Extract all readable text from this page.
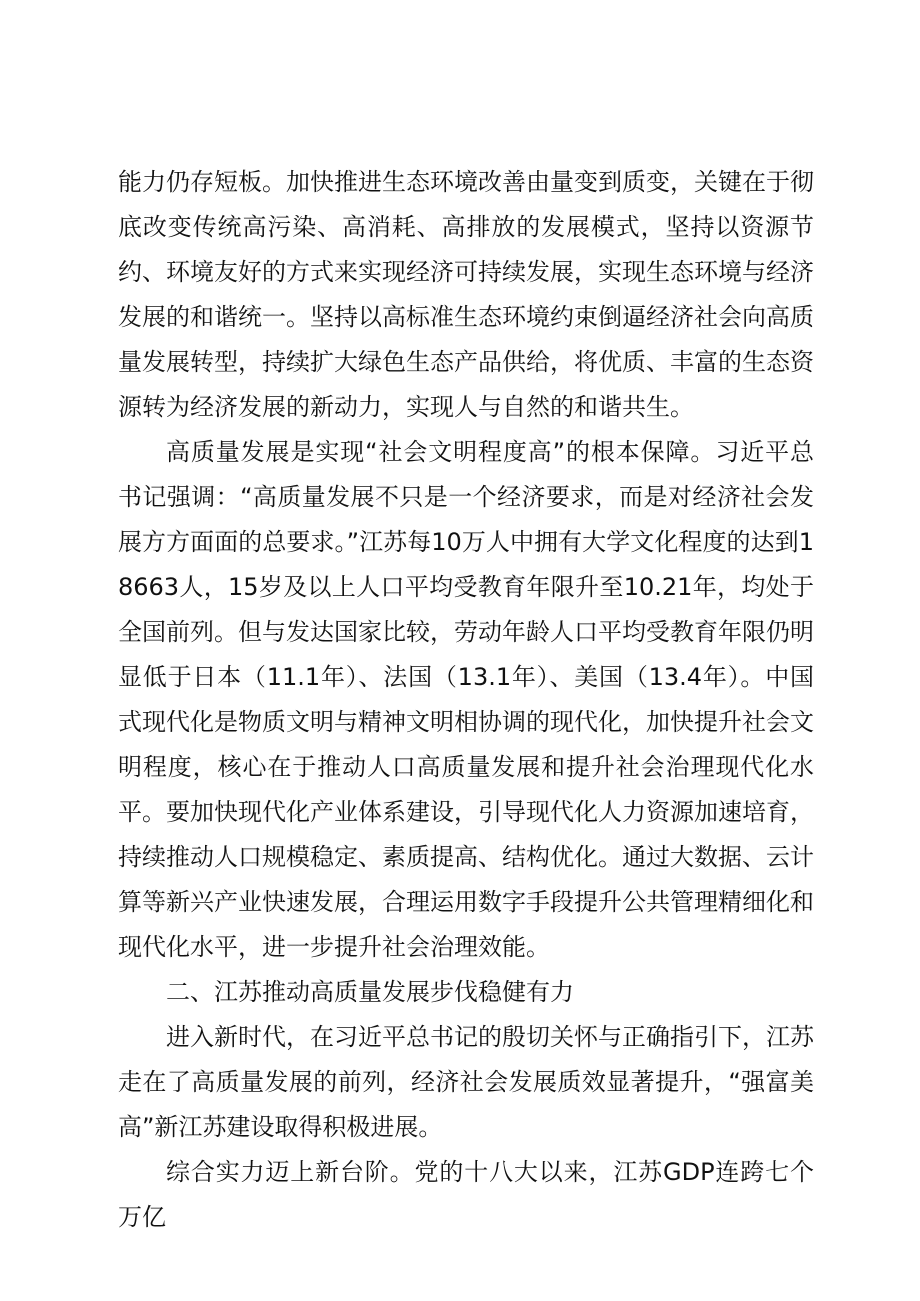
能力仍存短板。加快推进生态环境改善由量变到质变，关键在于彻底改变传统高污染、高消耗、高排放的发展模式，坚持以资源节约、环境友好的方式来实现经济可持续发展，实现生态环境与经济发展的和谐统一。坚持以高标准生态环境约束倒逼经济社会向高质量发展转型，持续扩大绿色生态产品供给，将优质、丰富的生态资源转为经济发展的新动力，实现人与自然的和谐共生。

高质量发展是实现“社会文明程度高”的根本保障。习近平总书记强调：“高质量发展不只是一个经济要求，而是对经济社会发展方方面面的总要求。”江苏每10万人中拥有大学文化程度的达到18663人，15岁及以上人口平均受教育年限升至10.21年，均处于全国前列。但与发达国家比较，劳动年龄人口平均受教育年限仍明显低于日本（11.1年）、法国（13.1年）、美国（13.4年）。中国式现代化是物质文明与精神文明相协调的现代化，加快提升社会文明程度，核心在于推动人口高质量发展和提升社会治理现代化水平。要加快现代化产业体系建设，引导现代化人力资源加速培育，持续推动人口规模稳定、素质提高、结构优化。通过大数据、云计算等新兴产业快速发展，合理运用数字手段提升公共管理精细化和现代化水平，进一步提升社会治理效能。

二、江苏推动高质量发展步伐稳健有力

进入新时代，在习近平总书记的殷切关怀与正确指引下，江苏走在了高质量发展的前列，经济社会发展质效显著提升，“强富美高”新江苏建设取得积极进展。

综合实力迈上新台阶。党的十八大以来，江苏GDP连跨七个万亿
